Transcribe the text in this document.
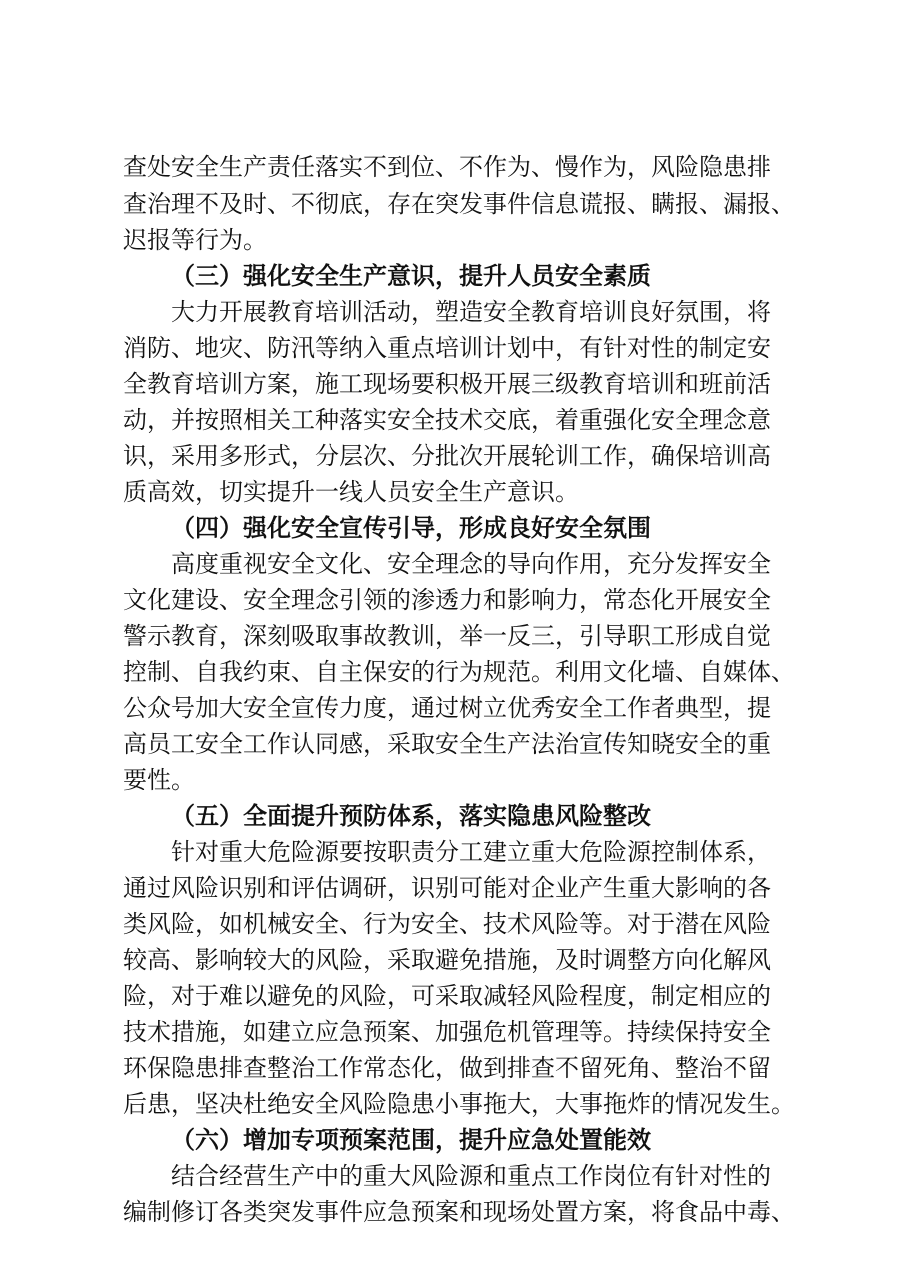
查处安全生产责任落实不到位、不作为、慢作为，风险隐患排
查治理不及时、不彻底，存在突发事件信息谎报、瞒报、漏报、
迟报等行为。
（三）强化安全生产意识，提升人员安全素质
大力开展教育培训活动，塑造安全教育培训良好氛围，将
消防、地灾、防汛等纳入重点培训计划中，有针对性的制定安
全教育培训方案，施工现场要积极开展三级教育培训和班前活
动，并按照相关工种落实安全技术交底，着重强化安全理念意
识，采用多形式，分层次、分批次开展轮训工作，确保培训高
质高效，切实提升一线人员安全生产意识。
（四）强化安全宣传引导，形成良好安全氛围
高度重视安全文化、安全理念的导向作用，充分发挥安全
文化建设、安全理念引领的渗透力和影响力，常态化开展安全
警示教育，深刻吸取事故教训，举一反三，引导职工形成自觉
控制、自我约束、自主保安的行为规范。利用文化墙、自媒体、
公众号加大安全宣传力度，通过树立优秀安全工作者典型，提
高员工安全工作认同感，采取安全生产法治宣传知晓安全的重
要性。
（五）全面提升预防体系，落实隐患风险整改
针对重大危险源要按职责分工建立重大危险源控制体系，
通过风险识别和评估调研，识别可能对企业产生重大影响的各
类风险，如机械安全、行为安全、技术风险等。对于潜在风险
较高、影响较大的风险，采取避免措施，及时调整方向化解风
险，对于难以避免的风险，可采取减轻风险程度，制定相应的
技术措施，如建立应急预案、加强危机管理等。持续保持安全
环保隐患排查整治工作常态化，做到排查不留死角、整治不留
后患，坚决杜绝安全风险隐患小事拖大，大事拖炸的情况发生。
（六）增加专项预案范围，提升应急处置能效
结合经营生产中的重大风险源和重点工作岗位有针对性的
编制修订各类突发事件应急预案和现场处置方案，将食品中毒、
